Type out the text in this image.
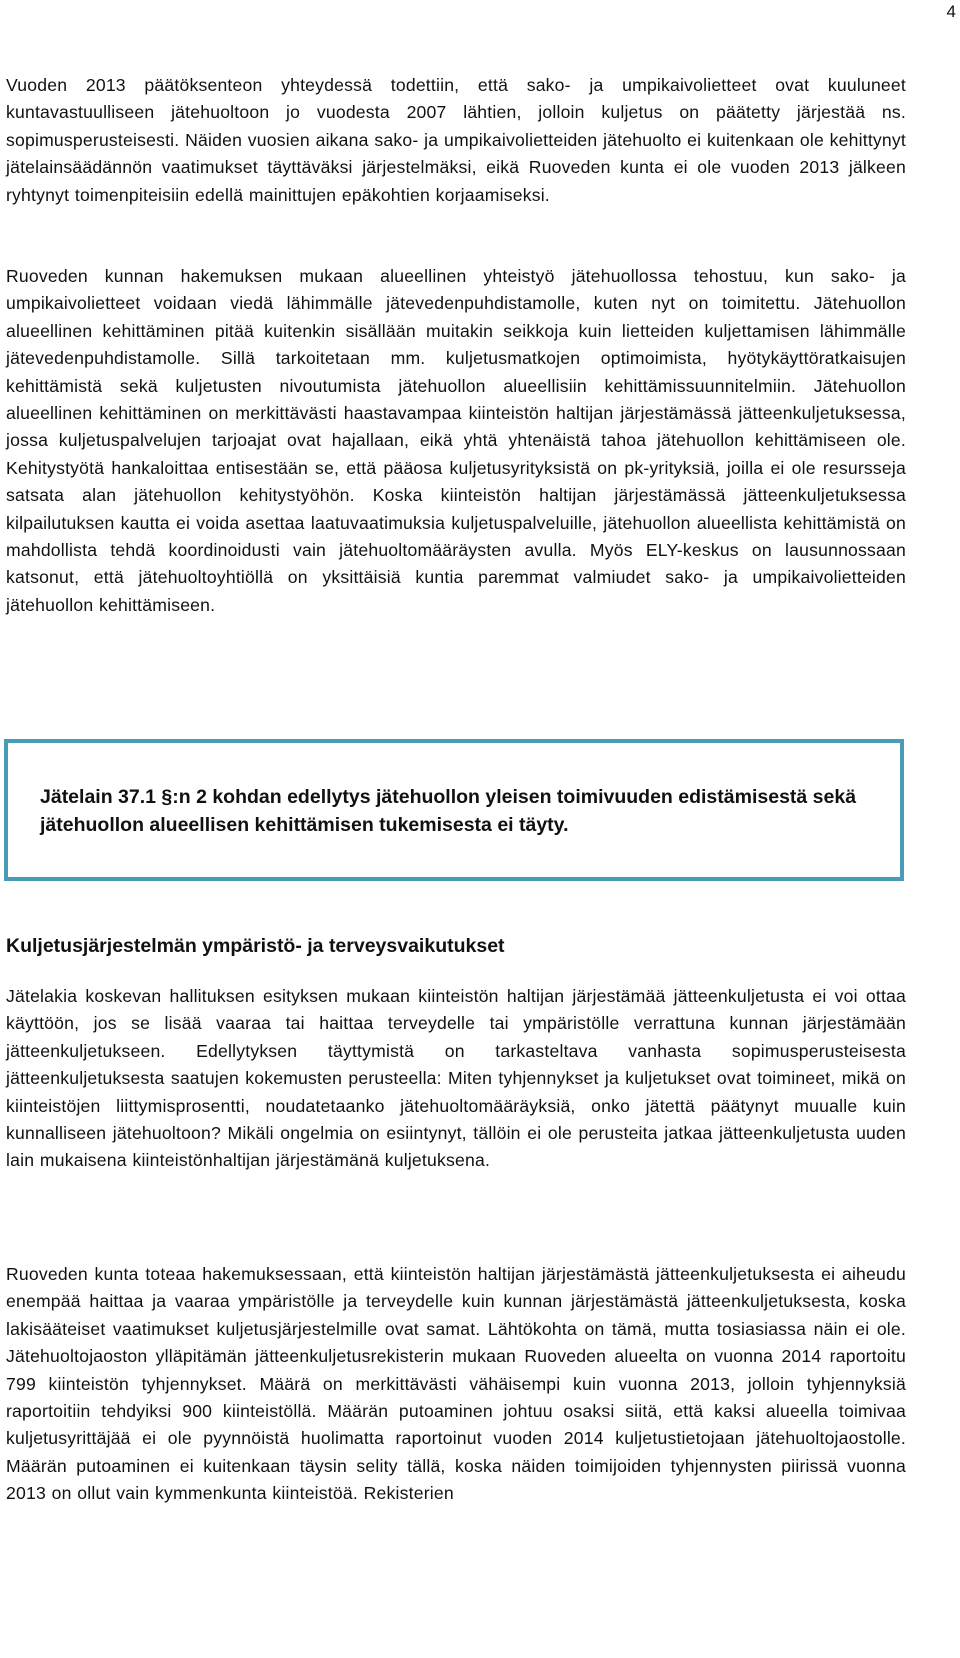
4

Vuoden 2013 päätöksenteon yhteydessä todettiin, että sako- ja umpikaivolietteet ovat kuuluneet kuntavastuulliseen jätehuoltoon jo vuodesta 2007 lähtien, jolloin kuljetus on päätetty järjestää ns. sopimusperusteisesti. Näiden vuosien aikana sako- ja umpikaivolietteiden jätehuolto ei kuitenkaan ole kehittynyt jätelainsäädännön vaatimukset täyttäväksi järjestelmäksi, eikä Ruoveden kunta ei ole vuoden 2013 jälkeen ryhtynyt toimenpiteisiin edellä mainittujen epäkohtien korjaamiseksi.

Ruoveden kunnan hakemuksen mukaan alueellinen yhteistyö jätehuollossa tehostuu, kun sako- ja umpikaivolietteet voidaan viedä lähimmälle jätevedenpuhdistamolle, kuten nyt on toimitettu. Jätehuollon alueellinen kehittäminen pitää kuitenkin sisällään muitakin seikkoja kuin lietteiden kuljettamisen lähimmälle jätevedenpuhdistamolle. Sillä tarkoitetaan mm. kuljetusmatkojen optimoimista, hyötykäyttöratkaisujen kehittämistä sekä kuljetusten nivoutumista jätehuollon alueellisiin kehittämissuunnitelmiin. Jätehuollon alueellinen kehittäminen on merkittävästi haastavampaa kiinteistön haltijan järjestämässä jätteenkuljetuksessa, jossa kuljetuspalvelujen tarjoajat ovat hajallaan, eikä yhtä yhtenäistä tahoa jätehuollon kehittämiseen ole. Kehitystyötä hankaloittaa entisestään se, että pääosa kuljetusyrityksistä on pk-yrityksiä, joilla ei ole resursseja satsata alan jätehuollon kehitystyöhön. Koska kiinteistön haltijan järjestämässä jätteenkuljetuksessa kilpailutuksen kautta ei voida asettaa laatuvaatimuksia kuljetuspalveluille, jätehuollon alueellista kehittämistä on mahdollista tehdä koordinoidusti vain jätehuoltomääräysten avulla. Myös ELY-keskus on lausunnossaan katsonut, että jätehuoltoyhtiöllä on yksittäisiä kuntia paremmat valmiudet sako- ja umpikaivolietteiden jätehuollon kehittämiseen.

Jätelain 37.1 §:n 2 kohdan edellytys jätehuollon yleisen toimivuuden edistämisestä sekä jätehuollon alueellisen kehittämisen tukemisesta ei täyty.

Kuljetusjärjestelmän ympäristö- ja terveysvaikutukset

Jätelakia koskevan hallituksen esityksen mukaan kiinteistön haltijan järjestämää jätteenkuljetusta ei voi ottaa käyttöön, jos se lisää vaaraa tai haittaa terveydelle tai ympäristölle verrattuna kunnan järjestämään jätteenkuljetukseen. Edellytyksen täyttymistä on tarkasteltava vanhasta sopimusperusteisesta jätteenkuljetuksesta saatujen kokemusten perusteella: Miten tyhjennykset ja kuljetukset ovat toimineet, mikä on kiinteistöjen liittymisprosentti, noudatetaanko jätehuoltomääräyksiä, onko jätettä päätynyt muualle kuin kunnalliseen jätehuoltoon? Mikäli ongelmia on esiintynyt, tällöin ei ole perusteita jatkaa jätteenkuljetusta uuden lain mukaisena kiinteistönhaltijan järjestämänä kuljetuksena.

Ruoveden kunta toteaa hakemuksessaan, että kiinteistön haltijan järjestämästä jätteenkuljetuksesta ei aiheudu enempää haittaa ja vaaraa ympäristölle ja terveydelle kuin kunnan järjestämästä jätteenkuljetuksesta, koska lakisääteiset vaatimukset kuljetusjärjestelmille ovat samat. Lähtökohta on tämä, mutta tosiasiassa näin ei ole. Jätehuoltojaoston ylläpitämän jätteenkuljetusrekisterin mukaan Ruoveden alueelta on vuonna 2014 raportoitu 799 kiinteistön tyhjennykset. Määrä on merkittävästi vähäisempi kuin vuonna 2013, jolloin tyhjennyksiä raportoitiin tehdyiksi 900 kiinteistöllä. Määrän putoaminen johtuu osaksi siitä, että kaksi alueella toimivaa kuljetusyrittäjää ei ole pyynnöistä huolimatta raportoinut vuoden 2014 kuljetustietojaan jätehuoltojaostolle. Määrän putoaminen ei kuitenkaan täysin selity tällä, koska näiden toimijoiden tyhjennysten piirissä vuonna 2013 on ollut vain kymmenkunta kiinteistöä. Rekisterien
